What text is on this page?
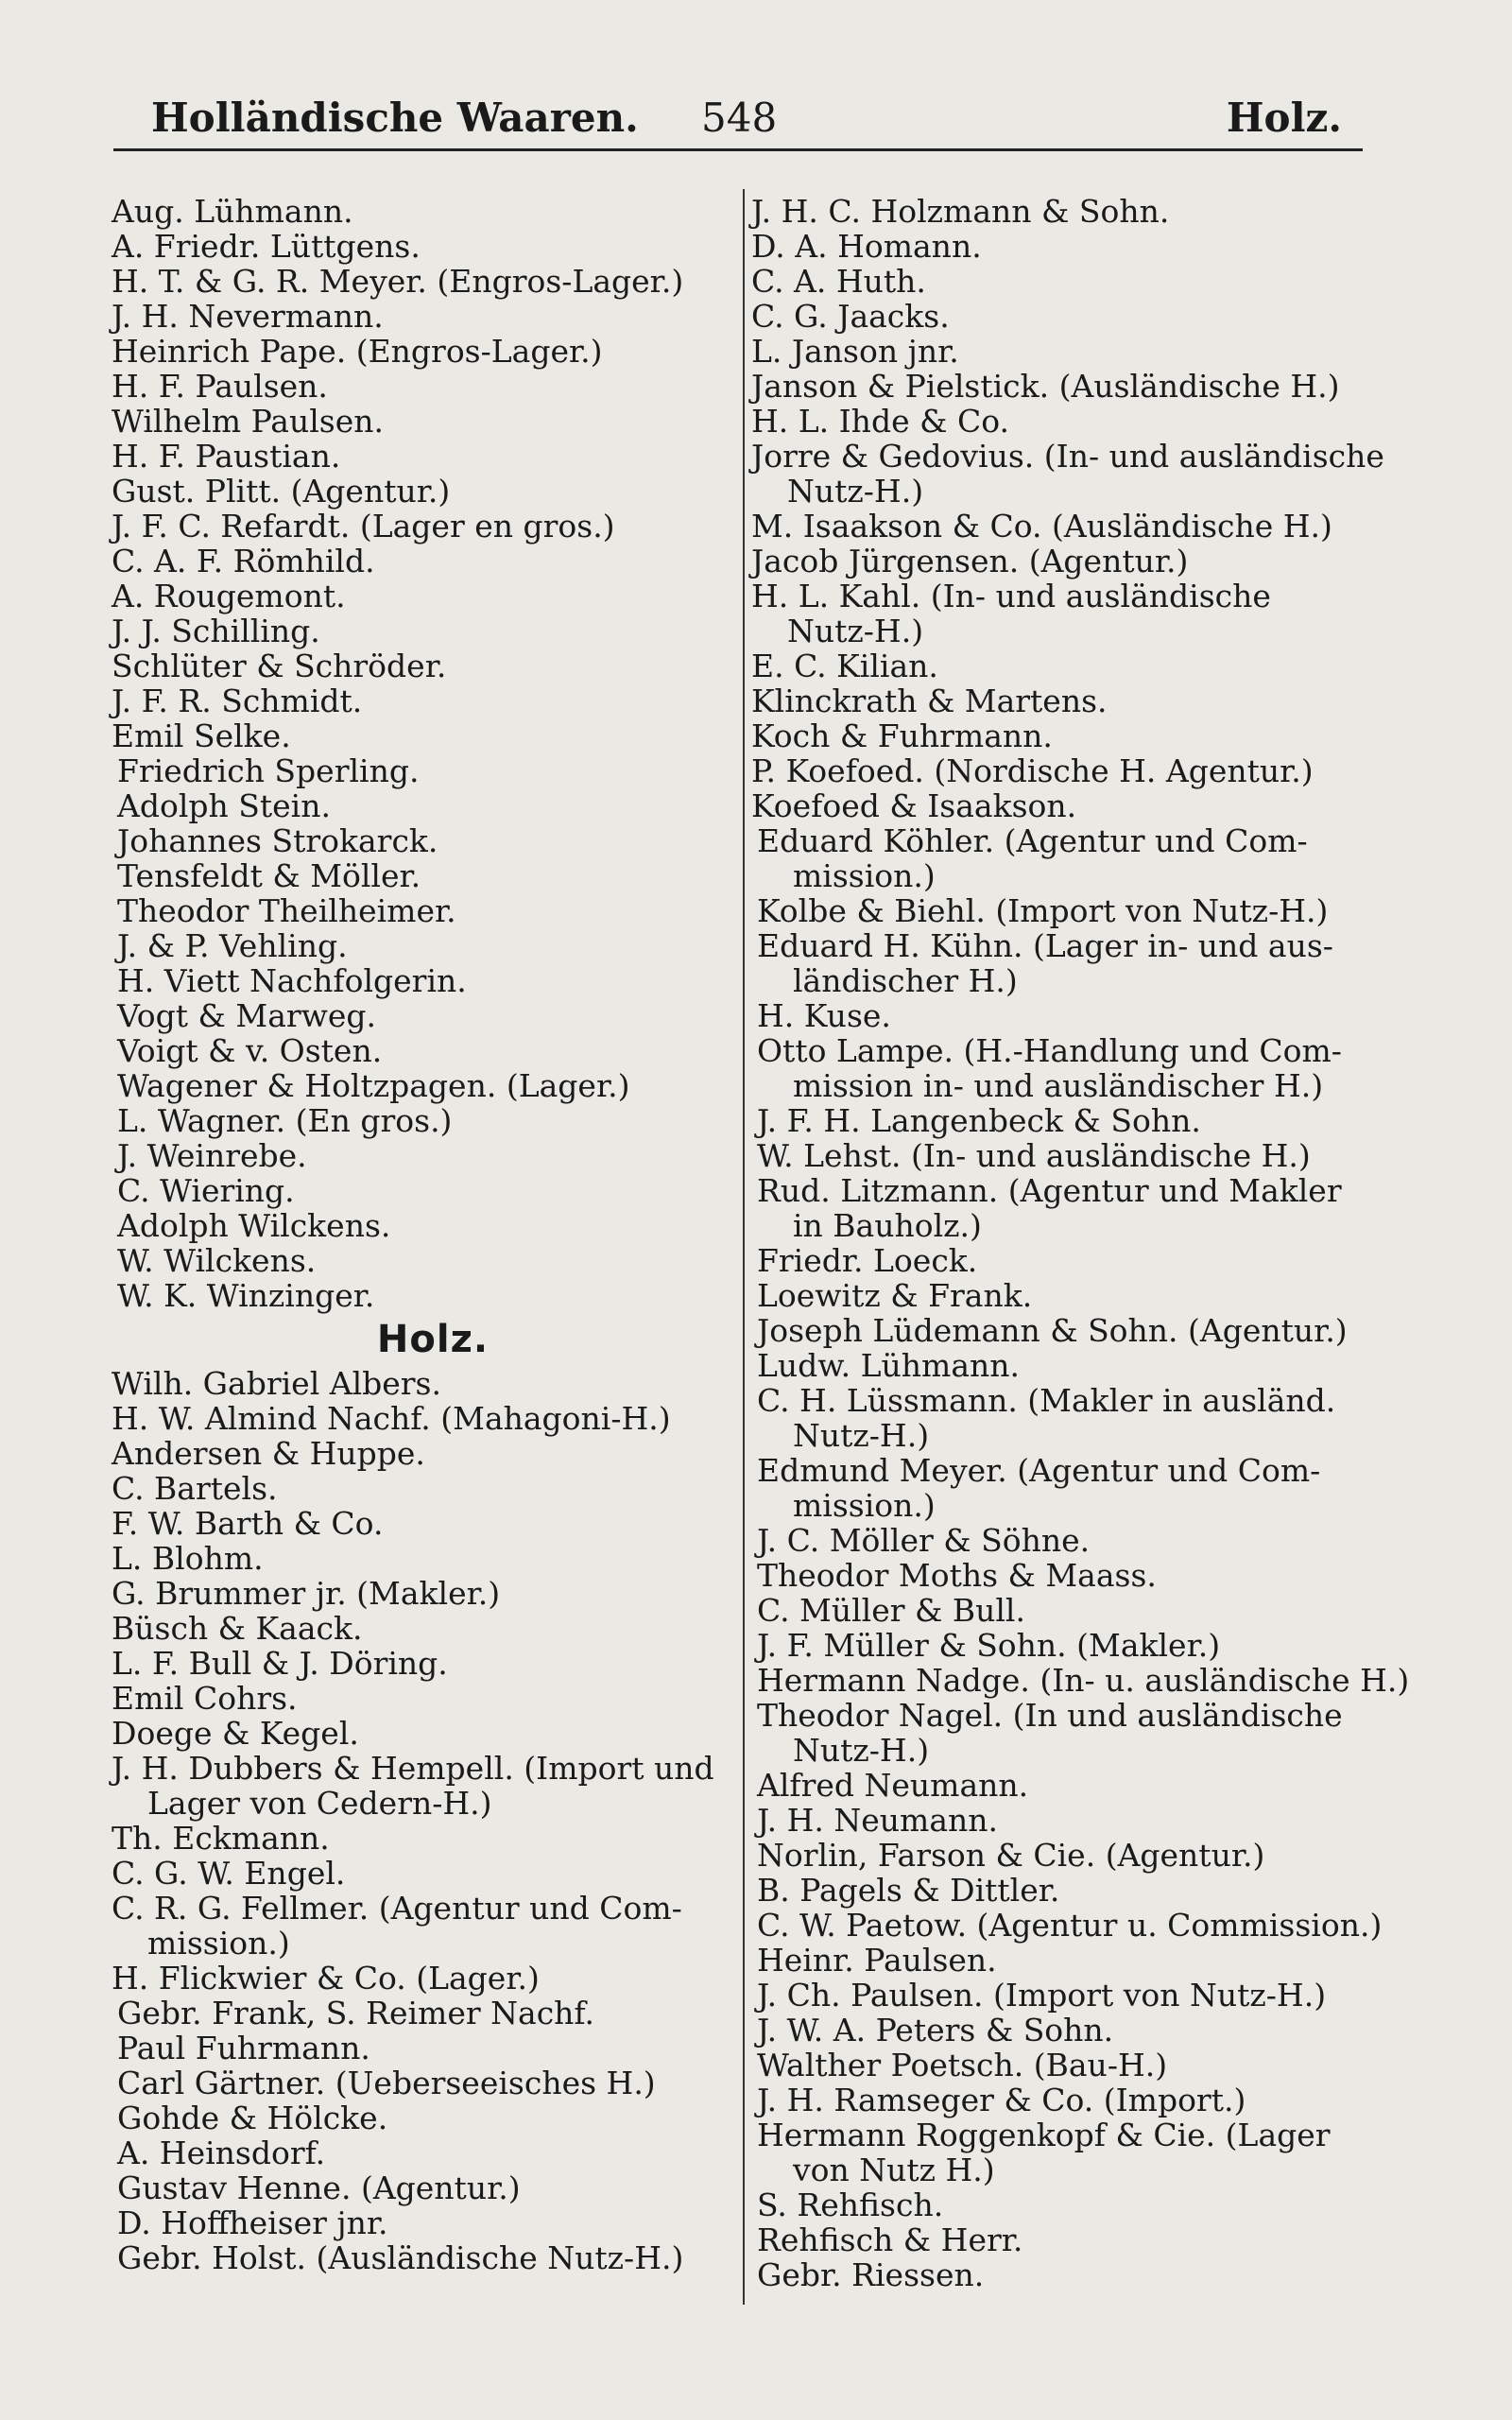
Holländische Waaren. 548	Holz.
Aug. Lühmann.
A. Friedr. Lüttgens.
H. T. & G. R. Meyer. (Engros-Lager.)
J. H. Nevermann.
Heinrich Pape. (Engros-Lager.)
H. F. Paulsen.
Wilhelm Paulsen.
H. F. Paustian.
Gust. Plitt. (Agentur.)
J. F. C. Refardt. (Lager en gros.)
C. A. F. Römhild.
A. Rougemont.
J. J. Schilling.
Schlüter & Schröder.
J. F. R. Schmidt.
Emil Selke.
Friedrich Sperling.
Adolph Stein.
Johannes Strokarck.
Tensfeldt & Möller.
Theodor Theilheimer.
J. & P. Vehling.
H. Viett Nachfolgerin.
Vogt & Marweg.
Voigt & v. Osten.
Wagener & Holtzpagen. (Lager.)
L. Wagner. (En gros.)
J. Weinrebe.
C. Wiering.
Adolph Wilckens.
W. Wilckens.
W. K. Winzinger.
Holz.
Wilh. Gabriel Albers.
H. W. Almind Nachf. (Mahagoni-H.)
Andersen & Huppe.
C. Bartels.
F. W. Barth & Co.
L. Blohm.
G. Brummer jr. (Makler.)
Büsch & Kaack.
L. F. Bull & J. Döring.
Emil Cohrs.
Doege & Kegel.
J. H. Dubbers & Hempell. (Import und
Lager von Cedern-H.)
Th. Eckmann.
C. G. W. Engel.
C. R. G. Fellmer. (Agentur und Com-
mission.)
H. Flickwier & Co. (Lager.)
Gebr. Frank, S. Reimer Nachf.
Paul Fuhrmann.
Carl Gärtner. (Ueberseeisches H.)
Gohde & Hölcke.
A. Heinsdorf.
Gustav Henne. (Agentur.)
D. Hoffheiser jnr.
Gebr. Holst. (Ausländische Nutz-H.)
J. H. C. Holzmann & Sohn.
D. A. Homann.
C. A. Huth.
C. G. Jaacks.
L. Janson jnr.
Janson & Pielstick. (Ausländische H.)
H. L. Ihde & Co.
Jorre & Gedovius. (In- und ausländische
Nutz-H.)
M. Isaakson & Co. (Ausländische H.)
Jacob Jürgensen. (Agentur.)
H. L. Kahl. (In- und ausländische
Nutz-H.)
E. C. Kilian.
Klinckrath & Martens.
Koch & Fuhrmann.
P. Koefoed. (Nordische H. Agentur.)
Koefoed & Isaakson.
Eduard Köhler. (Agentur und Com-
mission.)
Kolbe & Biehl. (Import von Nutz-H.)
Eduard H. Kühn. (Lager in- und aus-
ländischer H.)
H. Kuse.
Otto Lampe. (H.-Handlung und Com-
mission in- und ausländischer H.)
J. F. H. Langenbeck & Sohn.
W. Lehst. (In- und ausländische H.)
Rud. Litzmann. (Agentur und Makler
in Bauholz.)
Friedr. Loeck.
Loewitz & Frank.
Joseph Lüdemann & Sohn. (Agentur.)
Ludw. Lühmann.
C. H. Lüssmann. (Makler in ausländ.
Nutz-H.)
Edmund Meyer. (Agentur und Com-
mission.)
J. C. Möller & Söhne.
Theodor Moths & Maass.
C. Müller & Bull.
J. F. Müller & Sohn. (Makler.)
Hermann Nadge. (In- u. ausländische H.)
Theodor Nagel. (In und ausländische
Nutz-H.)
Alfred Neumann.
J. H. Neumann.
Norlin, Farson & Cie. (Agentur.)
B. Pagels & Dittler.
C. W. Paetow. (Agentur u. Commission.)
Heinr. Paulsen.
J. Ch. Paulsen. (Import von Nutz-H.)
J. W. A. Peters & Sohn.
Walther Poetsch. (Bau-H.)
J. H. Ramseger & Co. (Import.)
Hermann Roggenkopf & Cie. (Lager
von Nutz H.)
S. Rehfisch.
Rehfisch & Herr.
Gebr. Riessen.
